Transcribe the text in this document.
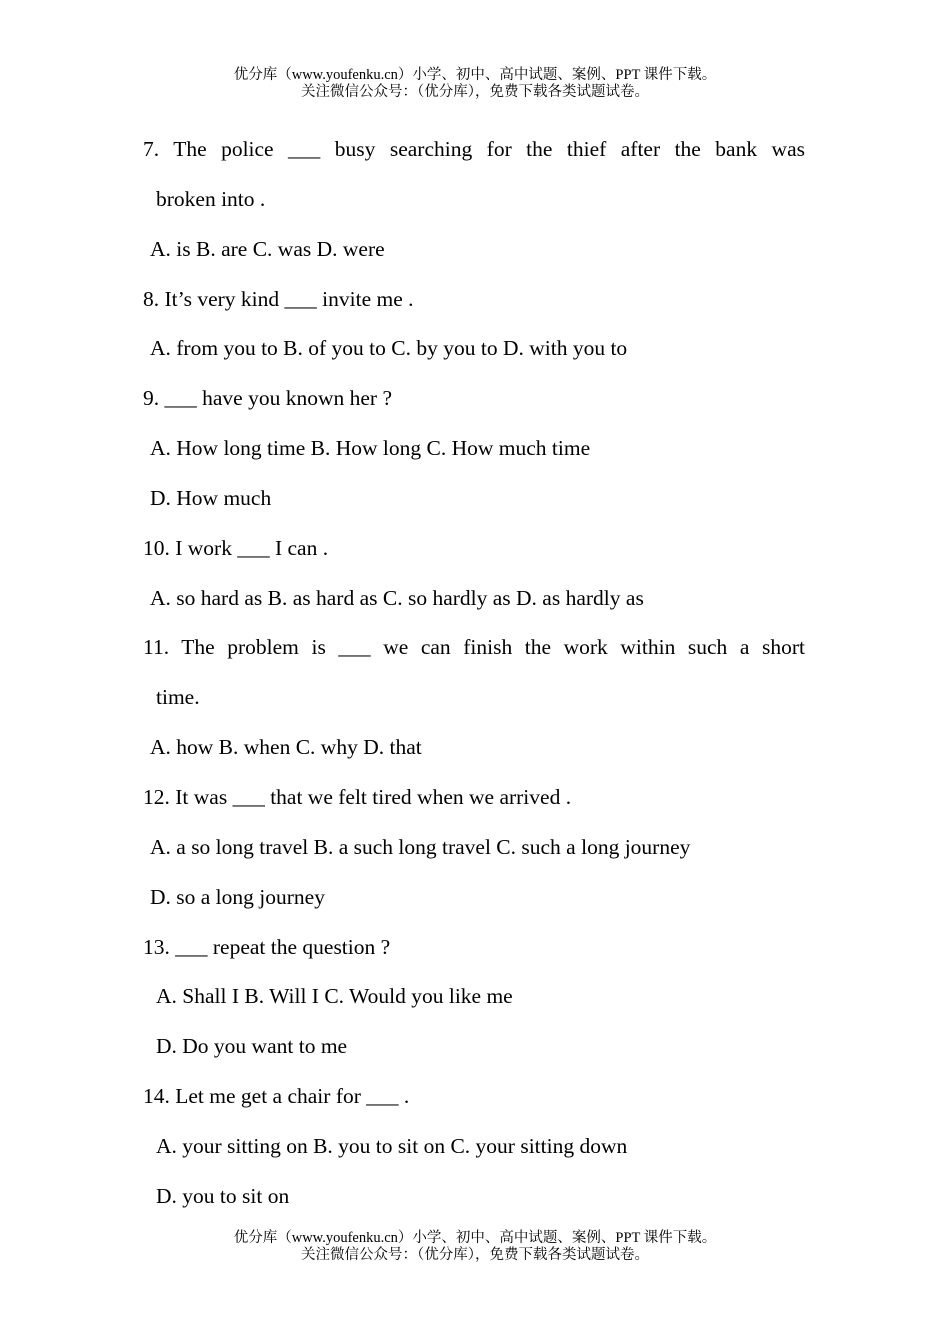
优分库（www.youfenku.cn）小学、初中、高中试题、案例、PPT 课件下载。
关注微信公众号：（优分库），免费下载各类试题试卷。
7. The police ___ busy searching for the thief after the bank was
broken into .
A. is B. are C. was D. were
8. It’s very kind ___ invite me .
A. from you to B. of you to C. by you to D. with you to
9. ___ have you known her ?
A. How long time B. How long C. How much time
D. How much
10. I work ___ I can .
A. so hard as B. as hard as C. so hardly as D. as hardly as
11. The problem is ___ we can finish the work within such a short
time.
A. how B. when C. why D. that
12. It was ___ that we felt tired when we arrived .
A. a so long travel B. a such long travel C. such a long journey
D. so a long journey
13. ___ repeat the question ?
A. Shall I B. Will I C. Would you like me
D. Do you want to me
14. Let me get a chair for ___ .
A. your sitting on B. you to sit on C. your sitting down
D. you to sit on
优分库（www.youfenku.cn）小学、初中、高中试题、案例、PPT 课件下载。
关注微信公众号：（优分库），免费下载各类试题试卷。
